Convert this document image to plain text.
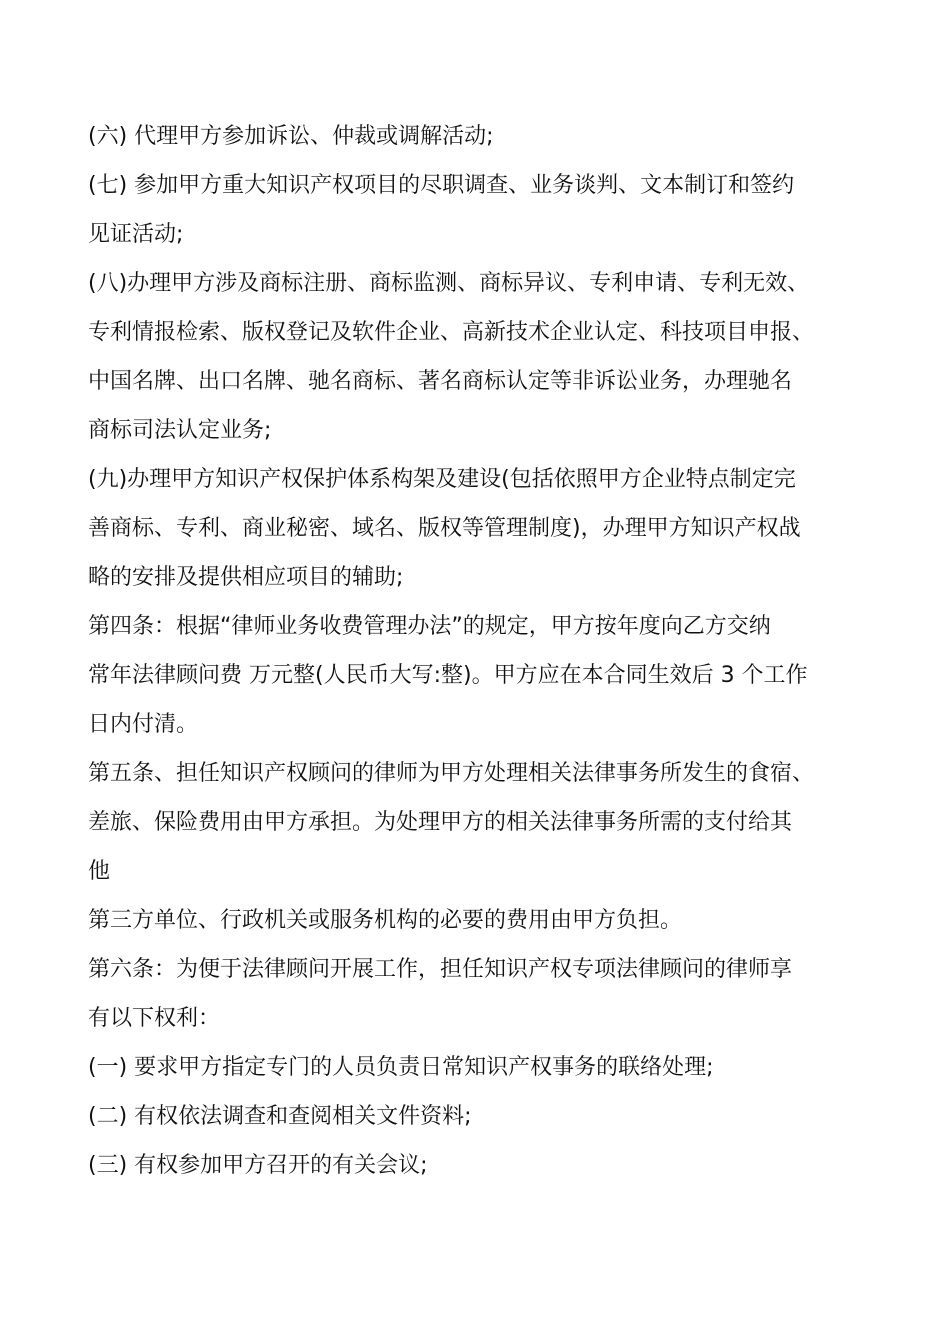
(六) 代理甲方参加诉讼、仲裁或调解活动;
(七) 参加甲方重大知识产权项目的尽职调查、业务谈判、文本制订和签约
见证活动;
(八)办理甲方涉及商标注册、商标监测、商标异议、专利申请、专利无效、
专利情报检索、版权登记及软件企业、高新技术企业认定、科技项目申报、
中国名牌、出口名牌、驰名商标、著名商标认定等非诉讼业务，办理驰名
商标司法认定业务;
(九)办理甲方知识产权保护体系构架及建设(包括依照甲方企业特点制定完
善商标、专利、商业秘密、域名、版权等管理制度)，办理甲方知识产权战
略的安排及提供相应项目的辅助;
第四条：根据“律师业务收费管理办法”的规定，甲方按年度向乙方交纳
常年法律顾问费 万元整(人民币大写:整)。甲方应在本合同生效后 3 个工作
日内付清。
第五条、担任知识产权顾问的律师为甲方处理相关法律事务所发生的食宿、
差旅、保险费用由甲方承担。为处理甲方的相关法律事务所需的支付给其
他
第三方单位、行政机关或服务机构的必要的费用由甲方负担。
第六条：为便于法律顾问开展工作，担任知识产权专项法律顾问的律师享
有以下权利：
(一) 要求甲方指定专门的人员负责日常知识产权事务的联络处理;
(二) 有权依法调查和查阅相关文件资料;
(三) 有权参加甲方召开的有关会议;
